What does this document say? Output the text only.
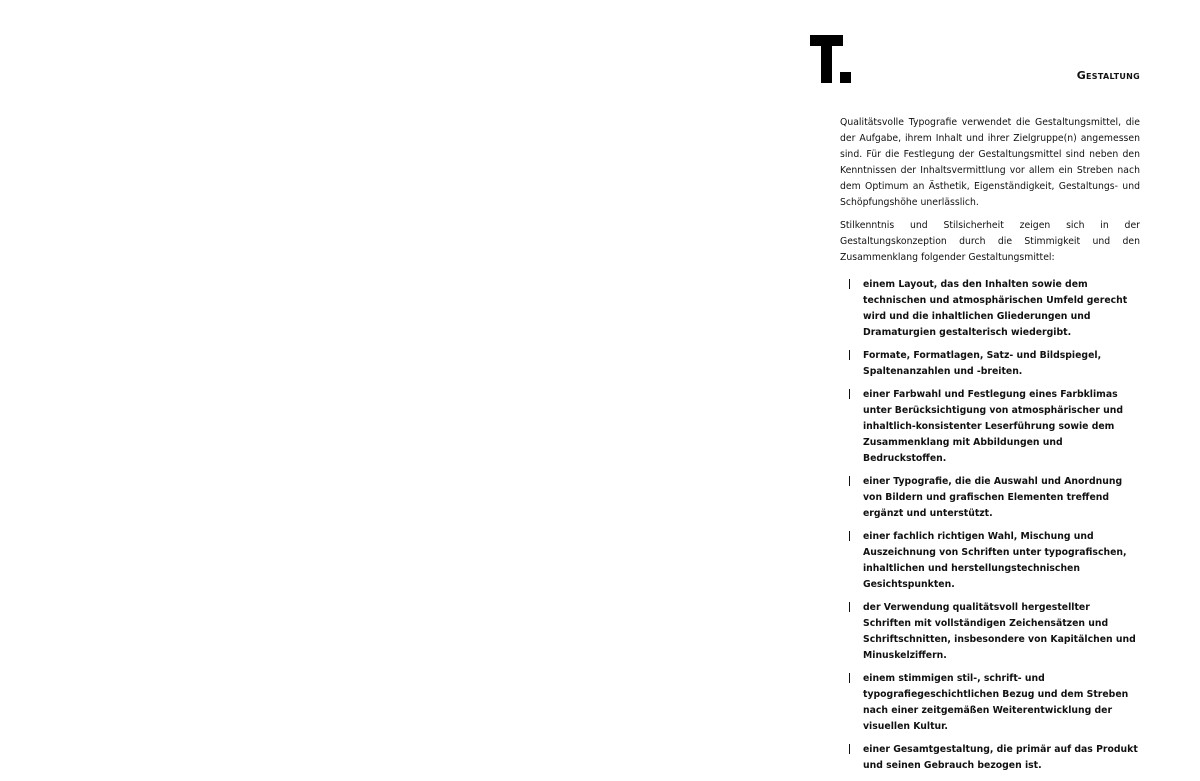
Gestaltung

Qualitätsvolle Typografie verwendet die Gestaltungsmittel, die der Aufgabe, ihrem Inhalt und ihrer Zielgruppe(n) angemessen sind. Für die Festlegung der Gestaltungsmittel sind neben den Kenntnissen der Inhaltsvermittlung vor allem ein Streben nach dem Optimum an Ästhetik, Eigenständigkeit, Gestaltungs- und Schöpfungshöhe unerlässlich.

Stilkenntnis und Stilsicherheit zeigen sich in der Gestaltungskonzeption durch die Stimmigkeit und den Zusammenklang folgender Gestaltungsmittel:

einem Layout, das den Inhalten sowie dem technischen und atmosphärischen Umfeld gerecht wird und die inhaltlichen Gliederungen und Dramaturgien gestalterisch wiedergibt.
Formate, Formatlagen, Satz- und Bildspiegel, Spaltenanzahlen und -breiten.
einer Farbwahl und Festlegung eines Farbklimas unter Berücksichtigung von atmosphärischer und inhaltlich-konsistenter Leserführung sowie dem Zusammenklang mit Abbildungen und Bedruckstoffen.
einer Typografie, die die Auswahl und Anordnung von Bildern und grafischen Elementen treffend ergänzt und unterstützt.
einer fachlich richtigen Wahl, Mischung und Auszeichnung von Schriften unter typografischen, inhaltlichen und herstellungstechnischen Gesichtspunkten.
der Verwendung qualitätsvoll hergestellter Schriften mit vollständigen Zeichensätzen und Schriftschnitten, insbesondere von Kapitälchen und Minuskelziffern.
einem stimmigen stil-, schrift- und typografiegeschichtlichen Bezug und dem Streben nach einer zeitgemäßen Weiterentwicklung der visuellen Kultur.
einer Gesamtgestaltung, die primär auf das Produkt und seinen Gebrauch bezogen ist.
